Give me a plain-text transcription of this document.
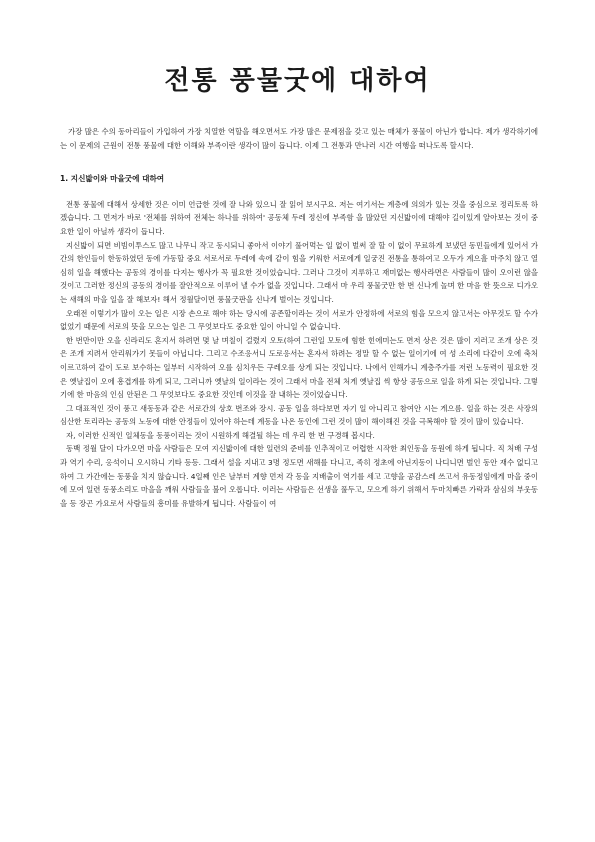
전통 풍물굿에 대하여

가장 많은 수의 동아리들이 가입하여 가장 치열한 역할을 해오면서도 가장 많은 문제점을 갖고 있는 매체가 풍물이 아닌가 합니다. 제가 생각하기에는 이 문제의 근원이 전통 풍물에 대한 이해와 부족이란 생각이 많이 듭니다. 이제 그 전통과 만나러 시간 여행을 떠나도록 할시다.

1. 지신밟이와 마을굿에 대하여

전통 풍물에 대해서 상세한 것은 이미 언급한 것에 잘 나와 있으니 잘 읽어 보시구요. 저는 여기서는 계층에 의의가 있는 것을 중심으로 정리토록 하겠습니다. 그 먼저가 바로 '전체를 위하여 전체는 하나를 위하여' 공동체 두레 정신에 부족함 을 많았던 지신밟이에 대해야 길이있게 알아보는 것이 중요한 일이 아닐까 생각이 듭니다.

지신밟이 되면 비빔이투스도 많고 나무니 작고 동시되니 좋아서 이야기 풀어먹는 일 없이 벌써 잘 할 이 없이 무료하게 보냈던 동민들에게 있어서 가간의 한인들이 한동하였던 동에 가동할 중요 서로서로 두레에 속에 같이 힘을 키워한 서로에게 일궁진 전통을 통하여고 오두가 계으흘 마주치 않고 열심히 일을 해했다는 공동의 경이를 다지는 행사가 꼭 필요한 것이었습니다. 그러나 그것이 지루하고 재미없는 행사라면은 사람들이 많이 오이런 않을 것이고 그러한 정신의 공동의 경이를 잘안적으로 이루어 낼 수가 없을 것입니다. 그래서 마 우리 풍물굿만 한 번 신나게 놀며 한 마음 한 뜻으로 디가오는 새해의 마을 일을 잘 해보자! 해서 정월달이면 풍물굿판을 신나게 벌이는 것입니다.

오래전 이렇기가 많이 오는 일은 시장 손으로 해야 하는 당시에 공존할이라는 것이 서로가 안정하에 서로의 힘을 모으지 않고서는 아무것도 할 수가 없었기 때문에 서로의 뜻을 모으는 일은 그 무엇보다도 중요한 일이 아니일 수 없습니다.

한 번만이만 오을 신라리도 혼지서 하려면 몇 날 며칠이 걸렸지 오토(하여 그런일 모토에 힘한 힌에미는도 면저 상은 것은 많이 지러고 조개 상은 것은 조개 지려서 안리워가기 못들이 아닙니다. 그리고 수조응서니 도로응서는 혼자서 하려는 정말 할 수 없는 일이기에 여 성 소리에 다같이 오에 축처이르고하여 같이 도로 보수하는 일부터 시작하여 오를 심치우든 구레오를 상게 되는 것입니다. 나에서 인해가니 계층주가를 저런 노동력이 필요한 것은 옛날집이 오에 흥겹게를 하게 되고, 그러니까 옛날의 일이라는 것이 그래서 마을 전체 처게 옛날집 씩 항상 공동으로 일을 하게 되는 것입니다. 그렇기에 한 마음의 인심 안된은 그 무엇보다도 중요한 것인데 이것을 잘 내하는 것이었습니다.

그 대표적인 것이 풍고 새동동과 같은 서로간의 상호 번조와 장시. 공동 일을 하다보면 자기 일 아니리고 참여안 시는 게으름. 일을 하는 것은 사장의 심산한 토리라는 공동의 노동에 대한 안정들이 있어야 하는데 계동을 나온 동인에 그런 것이 많이 해이해진 것을 극복해야 할 것이 많이 있습니다.

자, 이러한 신적인 일체동을 동풍이리는 것이 시원하게 해결될 하는 데 우리 한 번 구경해 봅시다.

동백 정월 달이 다가오면 마을 사람들은 모여 지신밟이에 대한 일련의 준비를 인추적이고 어렵한 시작한 최인동을 동원에 하게 됩니다. 직 처배 구성과 역기 수리, 옹석이니 오시하니 기타 등등. 그래서 설을 지내고 3명 정도면 새해를 다니고, 족히 정초에 아닌지동이 나디니면 벌인 동안 재수 없디고 하여 그 가간에는 동풍을 치지 않습니다. 4일째 인은 날부터 계향 먼저 각 동을 지배출이 역기를 세고 고향을 공감스레 쓰고서 유동정임에게 마을 중이에 모여 일련 동풍소리도 마을을 깨워 사람들을 불어 오롭니다. 이러는 사람들은 선생을 풀두고, 모으게 하기 위해서 두마치빠른 가락과 삼심의 부웃동을 등 장곤 가요로서 사람들의 흥미를 유발하게 됩니다. 사람들이 여
